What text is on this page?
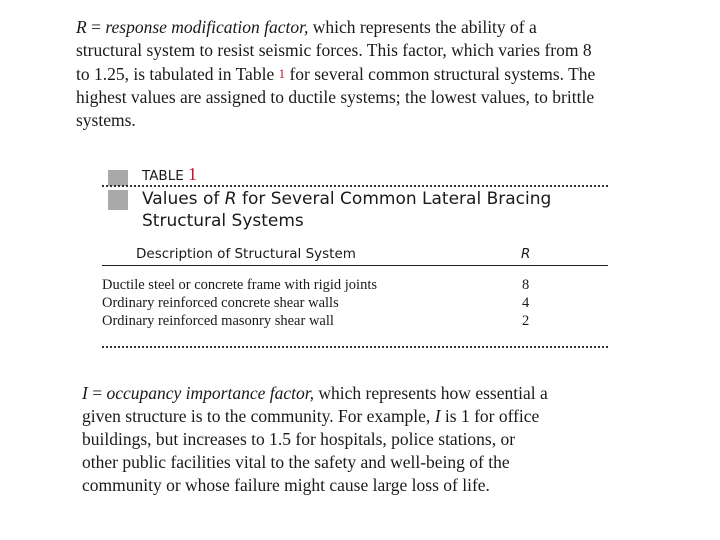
R = response modification factor, which represents the ability of a structural system to resist seismic forces. This factor, which varies from 8 to 1.25, is tabulated in Table 1 for several common structural systems. The highest values are assigned to ductile systems; the lowest values, to brittle systems.

TABLE 1
Values of R for Several Common Lateral Bracing Structural Systems
Description of Structural System	R
Ductile steel or concrete frame with rigid joints	8
Ordinary reinforced concrete shear walls	4
Ordinary reinforced masonry shear wall	2

I = occupancy importance factor, which represents how essential a given structure is to the community. For example, I is 1 for office buildings, but increases to 1.5 for hospitals, police stations, or other public facilities vital to the safety and well-being of the community or whose failure might cause large loss of life.
